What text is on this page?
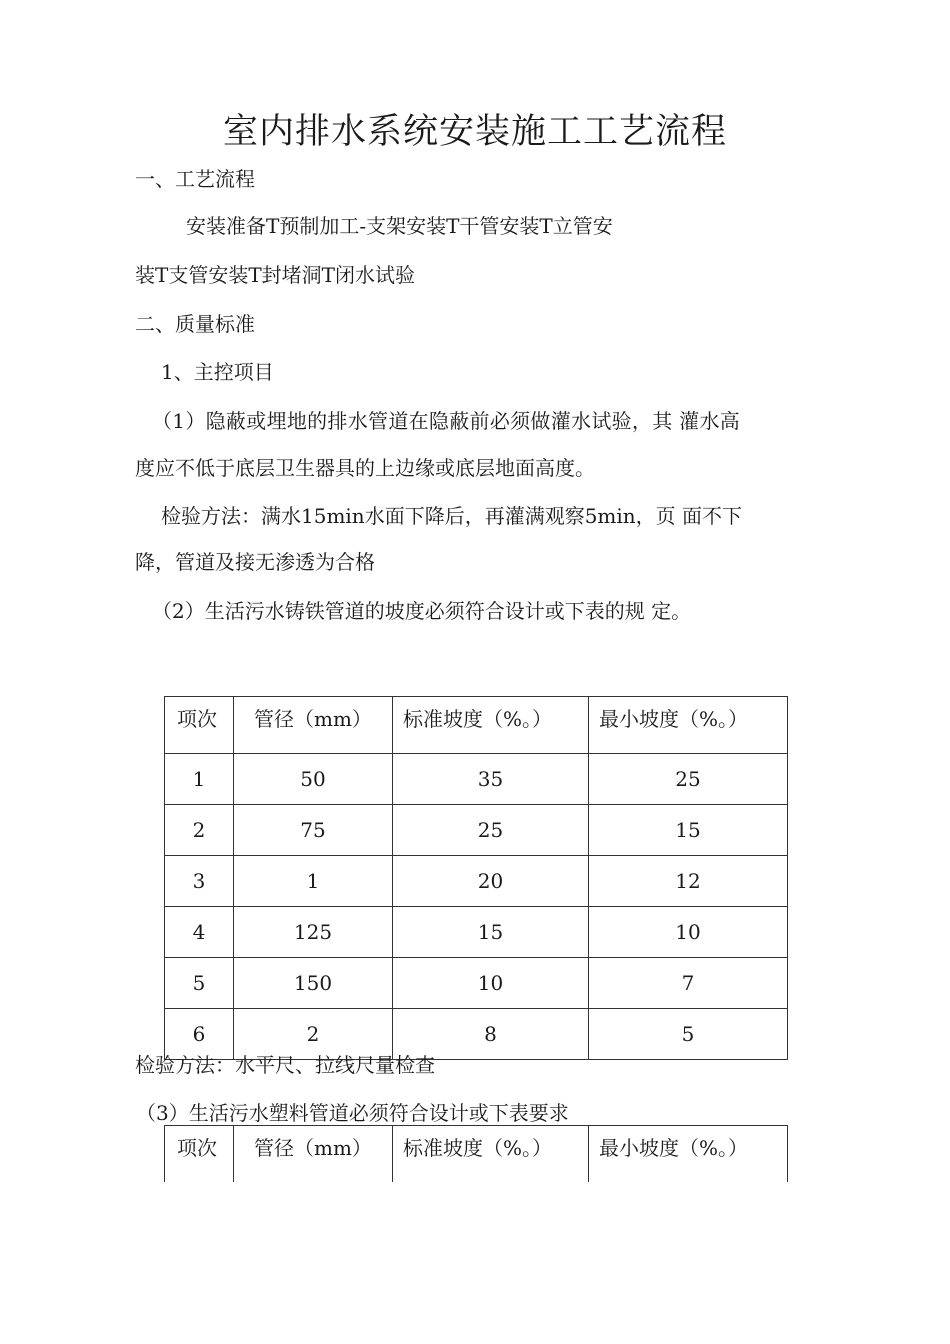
室内排水系统安装施工工艺流程
一、工艺流程
安装准备T预制加工-支架安装T干管安装T立管安
装T支管安装T封堵洞T闭水试验
二、质量标准
1、主控项目
（1）隐蔽或埋地的排水管道在隐蔽前必须做灌水试验，其 灌水高
度应不低于底层卫生器具的上边缘或底层地面高度。
检验方法：满水15min水面下降后，再灌满观察5min，页 面不下
降，管道及接无渗透为合格
（2）生活污水铸铁管道的坡度必须符合设计或下表的规 定。
项次	管径（mm）	标准坡度（%。）	最小坡度（%。）
1	50	35	25
2	75	25	15
3	1	20	12
4	125	15	10
5	150	10	7
6	2	8	5
检验方法：水平尺、拉线尺量检查
（3）生活污水塑料管道必须符合设计或下表要求
项次	管径（mm）	标准坡度（%。）	最小坡度（%。）
